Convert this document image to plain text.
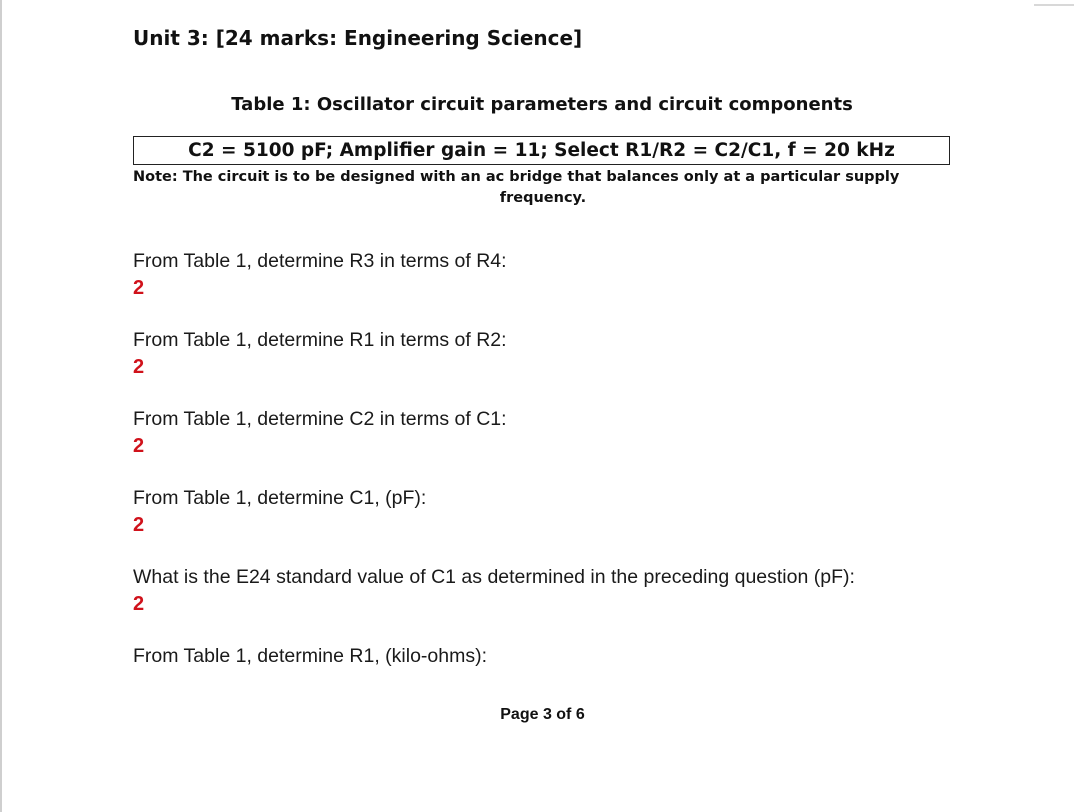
Unit 3: [24 marks: Engineering Science]
Table 1: Oscillator circuit parameters and circuit components
C2 = 5100 pF; Amplifier gain = 11; Select R1/R2 = C2/C1, f = 20 kHz
Note: The circuit is to be designed with an ac bridge that balances only at a particular supply
frequency.
From Table 1, determine R3 in terms of R4:
2
From Table 1, determine R1 in terms of R2:
2
From Table 1, determine C2 in terms of C1:
2
From Table 1, determine C1, (pF):
2
What is the E24 standard value of C1 as determined in the preceding question (pF):
2
From Table 1, determine R1, (kilo-ohms):
Page 3 of 6
